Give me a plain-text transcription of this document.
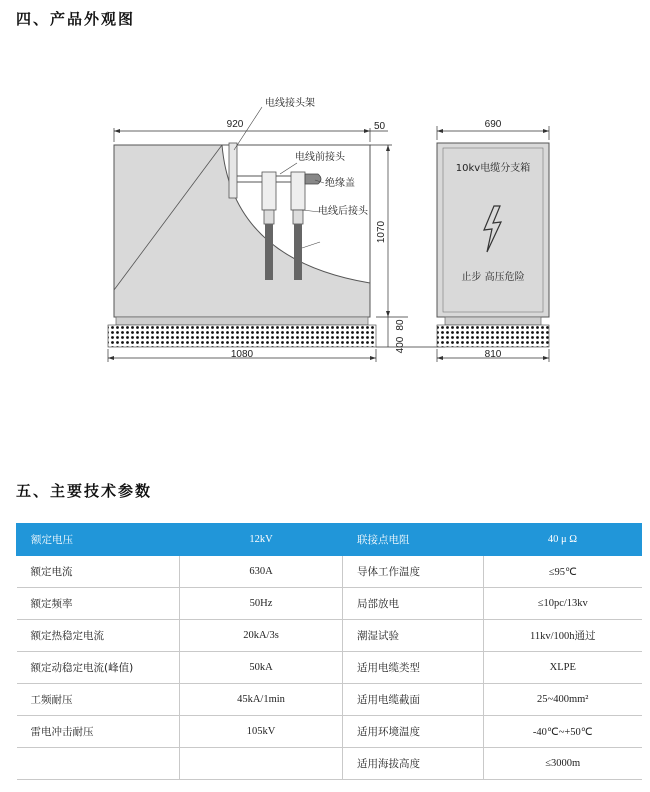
四、产品外观图
920	50
电线接头架
电线前接头
绝缘盖
电线后接头
1070
80
400
1080
690
10kv电缆分支箱
止步 高压危险
810
五、主要技术参数
额定电压	12kV	联接点电阻	40 μ Ω
额定电流	630A	导体工作温度	≤95℃
额定频率	50Hz	局部放电	≤10pc/13kv
额定热稳定电流	20kA/3s	潮湿试验	11kv/100h通过
额定动稳定电流(峰值)	50kA	适用电缆类型	XLPE
工频耐压	45kA/1min	适用电缆截面	25~400mm²
雷电冲击耐压	105kV	适用环境温度	-40℃~+50℃
		适用海拔高度	≤3000m
